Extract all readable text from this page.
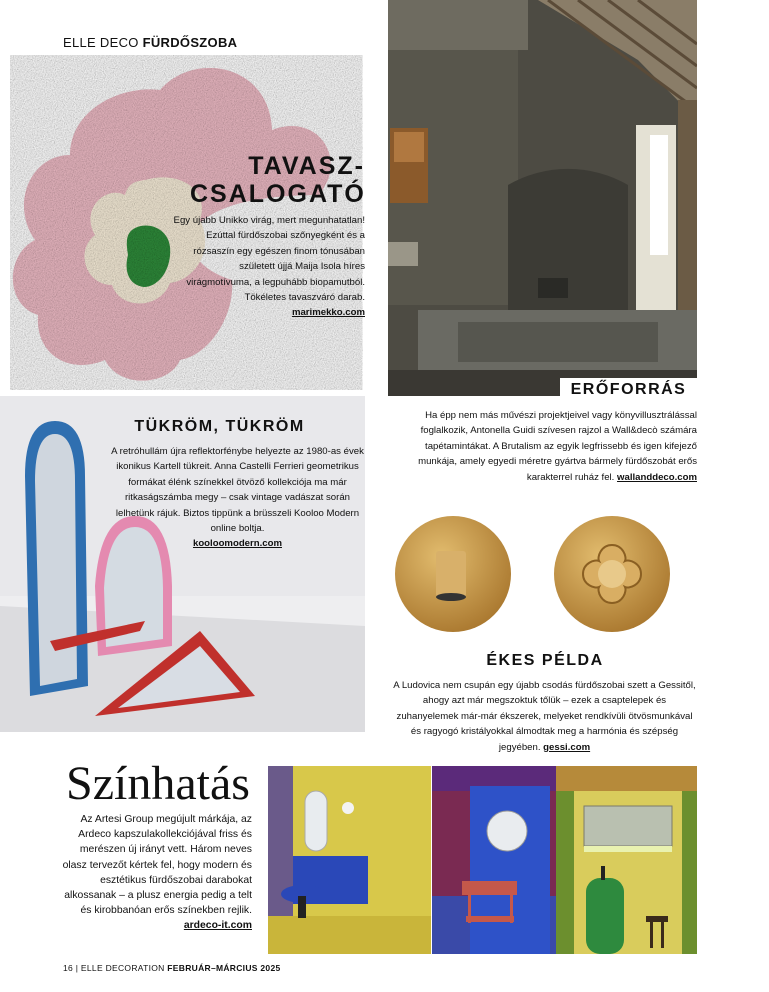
ELLE DECO FÜRDŐSZOBA
TAVASZ-
CSALOGATÓ
Egy újabb Unikko virág, mert megunhatatlan! Ezúttal fürdőszobai szőnyegként és a rózsaszín egy egészen finom tónusában született újjá Maija Isola híres virágmotívuma, a legpuhább biopamutból. Tökéletes tavaszváró darab. marimekko.com
ERŐFORRÁS
Ha épp nem más művészi projektjeivel vagy könyvillusztrálással foglalkozik, Antonella Guidi szívesen rajzol a Wall&decò számára tapétamintákat. A Brutalism az egyik legfrissebb és igen kifejező munkája, amely egyedi méretre gyártva bármely fürdőszobát erős karakterrel ruház fel. wallanddeco.com
TÜKRÖM, TÜKRÖM
A retróhullám újra reflektorfénybe helyezte az 1980-as évek ikonikus Kartell tükreit. Anna Castelli Ferrieri geometrikus formákat élénk színekkel ötvöző kollekciója ma már ritkaságszámba megy – csak vintage vadászat során lelhetünk rájuk. Biztos tippünk a brüsszeli Kooloo Modern online boltja.
kooloomodern.com
ÉKES PÉLDA
A Ludovica nem csupán egy újabb csodás fürdőszobai szett a Gessitől, ahogy azt már megszoktuk tőlük – ezek a csaptelepek és zuhanyelemek már-már ékszerek, melyeket rendkívüli ötvösmunkával és ragyogó kristályokkal álmodtak meg a harmónia és szépség jegyében. gessi.com
Színhatás
Az Artesi Group megújult márkája, az Ardeco kapszulakollekciójával friss és merészen új irányt vett. Három neves olasz tervezőt kértek fel, hogy modern és esztétikus fürdőszobai darabokat alkossanak – a plusz energia pedig a telt és kirobbanóan erős színekben rejlik. ardeco-it.com
16 | ELLE DECORATION FEBRUÁR–MÁRCIUS 2025
